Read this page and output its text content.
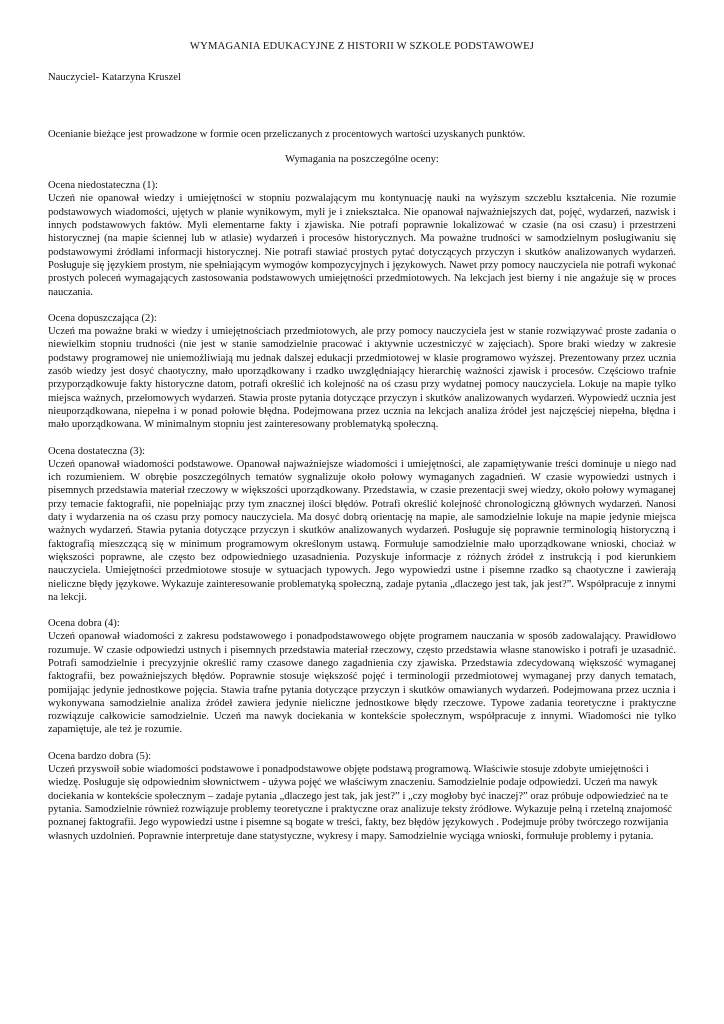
WYMAGANIA EDUKACYJNE Z HISTORII W SZKOLE PODSTAWOWEJ

Nauczyciel- Katarzyna Kruszel

Ocenianie bieżące jest prowadzone w formie ocen przeliczanych z procentowych wartości uzyskanych punktów.

Wymagania na poszczególne oceny:

Ocena niedostateczna (1):

Uczeń nie opanował wiedzy i umiejętności w stopniu pozwalającym mu kontynuację nauki na wyższym szczeblu kształcenia. Nie rozumie podstawowych wiadomości, ujętych w planie wynikowym, myli je i zniekształca. Nie opanował najważniejszych dat, pojęć, wydarzeń, nazwisk i innych podstawowych faktów. Myli elementarne fakty i zjawiska. Nie potrafi poprawnie lokalizować w czasie (na osi czasu) i przestrzeni historycznej (na mapie ściennej lub w atlasie) wydarzeń i procesów historycznych. Ma poważne trudności w samodzielnym posługiwaniu się podstawowymi źródłami informacji historycznej. Nie potrafi stawiać prostych pytać dotyczących przyczyn i skutków analizowanych wydarzeń. Posługuje się językiem prostym, nie spełniającym wymogów kompozycyjnych i językowych. Nawet przy pomocy nauczyciela nie potrafi wykonać prostych poleceń wymagających zastosowania podstawowych umiejętności przedmiotowych. Na lekcjach jest bierny i nie angażuje się w proces nauczania.

Ocena dopuszczająca (2):

Uczeń ma poważne braki w wiedzy i umiejętnościach przedmiotowych, ale przy pomocy nauczyciela jest w stanie rozwiązywać proste zadania o niewielkim stopniu trudności (nie jest w stanie samodzielnie pracować i aktywnie uczestniczyć w zajęciach). Spore braki wiedzy w zakresie podstawy programowej nie uniemożliwiają mu jednak dalszej edukacji przedmiotowej w klasie programowo wyższej. Prezentowany przez ucznia zasób wiedzy jest dosyć chaotyczny, mało uporządkowany i rzadko uwzględniający hierarchię ważności zjawisk i procesów. Częściowo trafnie przyporządkowuje fakty historyczne datom, potrafi określić ich kolejność na oś czasu przy wydatnej pomocy nauczyciela. Lokuje na mapie tylko miejsca ważnych, przełomowych wydarzeń. Stawia proste pytania dotyczące przyczyn i skutków analizowanych wydarzeń. Wypowiedź ucznia jest nieuporządkowana, niepełna i w ponad połowie błędna. Podejmowana przez ucznia na lekcjach analiza źródeł jest najczęściej niepełna, błędna i mało uporządkowana. W minimalnym stopniu jest zainteresowany problematyką społeczną.

Ocena dostateczna (3):

Uczeń opanował wiadomości podstawowe. Opanował najważniejsze wiadomości i umiejętności, ale zapamiętywanie treści dominuje u niego nad ich rozumieniem. W obrębie poszczególnych tematów sygnalizuje około połowy wymaganych zagadnień. W czasie wypowiedzi ustnych i pisemnych przedstawia materiał rzeczowy w większości uporządkowany. Przedstawia, w czasie prezentacji swej wiedzy, około połowy wymaganej przy temacie faktografii, nie popełniając przy tym znacznej ilości błędów. Potrafi określić kolejność chronologiczną głównych wydarzeń. Nanosi daty i wydarzenia na oś czasu przy pomocy nauczyciela. Ma dosyć dobrą orientację na mapie, ale samodzielnie lokuje na mapie jedynie miejsca ważnych wydarzeń. Stawia pytania dotyczące przyczyn i skutków analizowanych wydarzeń. Posługuje się poprawnie terminologią historyczną i faktografią mieszczącą się w minimum programowym określonym ustawą. Formułuje samodzielnie mało uporządkowane wnioski, chociaż w większości poprawne, ale często bez odpowiedniego uzasadnienia. Pozyskuje informacje z różnych źródeł z instrukcją i pod kierunkiem nauczyciela. Umiejętności przedmiotowe stosuje w sytuacjach typowych. Jego wypowiedzi ustne i pisemne rzadko są chaotyczne i zawierają nieliczne błędy językowe. Wykazuje zainteresowanie problematyką społeczną, zadaje pytania „dlaczego jest tak, jak jest?”. Współpracuje z innymi na lekcji.

Ocena dobra (4):

Uczeń opanował wiadomości z zakresu podstawowego i ponadpodstawowego objęte programem nauczania w sposób zadowalający. Prawidłowo rozumuje. W czasie odpowiedzi ustnych i pisemnych przedstawia materiał rzeczowy, często przedstawia własne stanowisko i potrafi je uzasadnić. Potrafi samodzielnie i precyzyjnie określić ramy czasowe danego zagadnienia czy zjawiska. Przedstawia zdecydowaną większość wymaganej faktografii, bez poważniejszych błędów. Poprawnie stosuje większość pojęć i terminologii przedmiotowej wymaganej przy danych tematach, pomijając jedynie jednostkowe pojęcia. Stawia trafne pytania dotyczące przyczyn i skutków omawianych wydarzeń. Podejmowana przez ucznia i wykonywana samodzielnie analiza źródeł zawiera jedynie nieliczne jednostkowe błędy rzeczowe. Typowe zadania teoretyczne i praktyczne rozwiązuje całkowicie samodzielnie. Uczeń ma nawyk dociekania w kontekście społecznym, współpracuje z innymi. Wiadomości nie tylko zapamiętuje, ale też je rozumie.

Ocena bardzo dobra (5):

Uczeń przyswoił sobie wiadomości podstawowe i ponadpodstawowe objęte podstawą programową. Właściwie stosuje zdobyte umiejętności i wiedzę. Posługuje się odpowiednim słownictwem - używa pojęć we właściwym znaczeniu. Samodzielnie podaje odpowiedzi. Uczeń ma nawyk dociekania w kontekście społecznym – zadaje pytania „dlaczego jest tak, jak jest?” i „czy mogłoby być inaczej?” oraz próbuje odpowiedzieć na te pytania. Samodzielnie również rozwiązuje problemy teoretyczne i praktyczne oraz analizuje teksty źródłowe. Wykazuje pełną i rzetelną znajomość poznanej faktografii. Jego wypowiedzi ustne i pisemne są bogate w treści, fakty, bez błędów językowych . Podejmuje próby twórczego rozwijania własnych uzdolnień. Poprawnie interpretuje dane statystyczne, wykresy i mapy. Samodzielnie wyciąga wnioski, formułuje problemy i pytania.
